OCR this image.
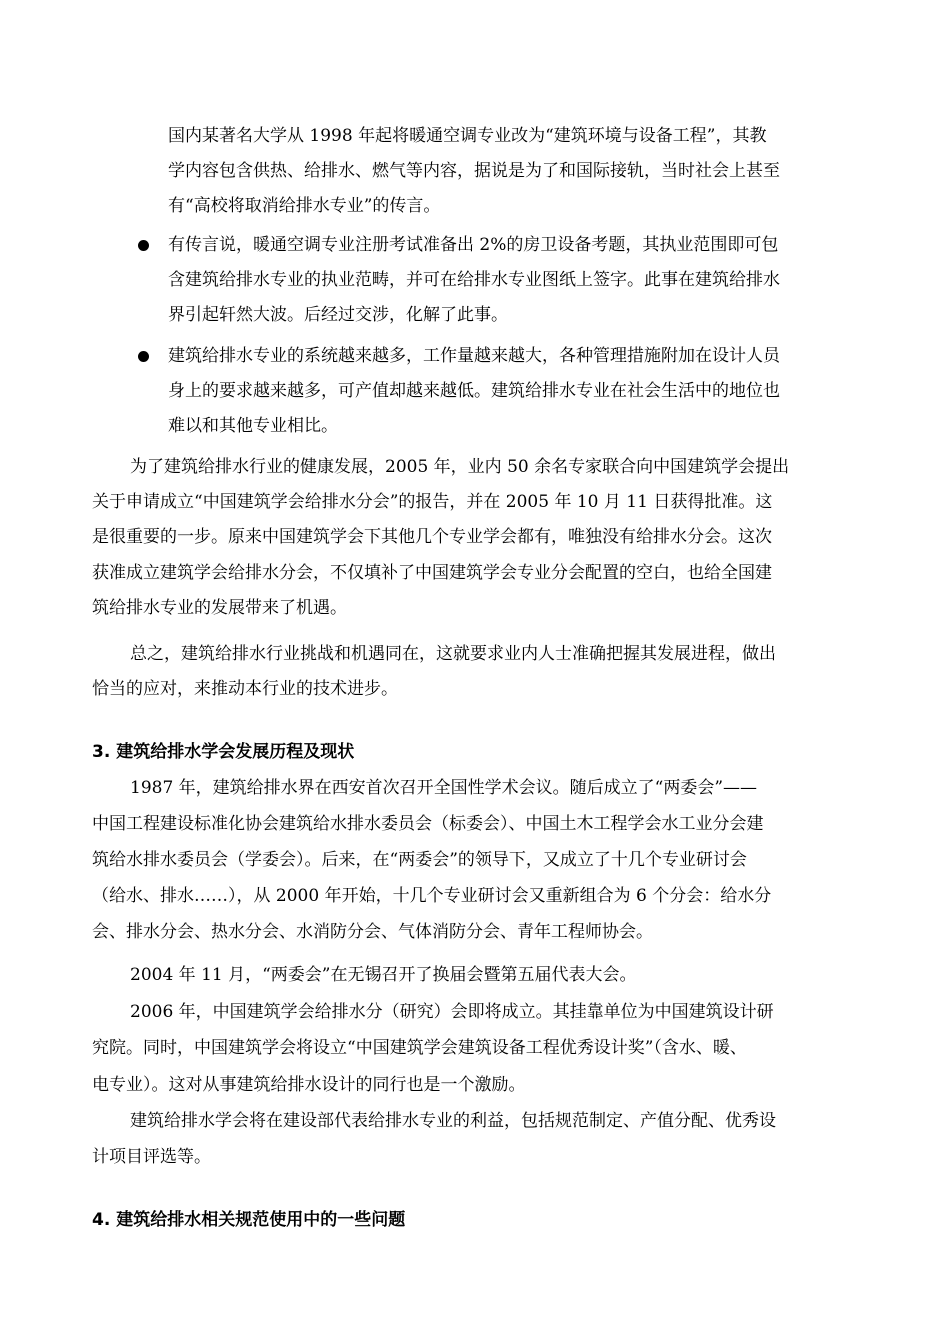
国内某著名大学从 1998 年起将暖通空调专业改为“建筑环境与设备工程”，其教
学内容包含供热、给排水、燃气等内容，据说是为了和国际接轨，当时社会上甚至
有“高校将取消给排水专业”的传言。
有传言说，暖通空调专业注册考试准备出 2%的房卫设备考题，其执业范围即可包
含建筑给排水专业的执业范畴，并可在给排水专业图纸上签字。此事在建筑给排水
界引起轩然大波。后经过交涉，化解了此事。
建筑给排水专业的系统越来越多，工作量越来越大，各种管理措施附加在设计人员
身上的要求越来越多，可产值却越来越低。建筑给排水专业在社会生活中的地位也
难以和其他专业相比。
为了建筑给排水行业的健康发展，2005 年，业内 50 余名专家联合向中国建筑学会提出
关于申请成立“中国建筑学会给排水分会”的报告，并在 2005 年 10 月 11 日获得批准。这
是很重要的一步。原来中国建筑学会下其他几个专业学会都有，唯独没有给排水分会。这次
获准成立建筑学会给排水分会，不仅填补了中国建筑学会专业分会配置的空白，也给全国建
筑给排水专业的发展带来了机遇。
总之，建筑给排水行业挑战和机遇同在，这就要求业内人士准确把握其发展进程，做出
恰当的应对，来推动本行业的技术进步。
3. 建筑给排水学会发展历程及现状
1987 年，建筑给排水界在西安首次召开全国性学术会议。随后成立了“两委会”——
中国工程建设标准化协会建筑给水排水委员会（标委会）、中国土木工程学会水工业分会建
筑给水排水委员会（学委会）。后来，在“两委会”的领导下，又成立了十几个专业研讨会
（给水、排水……），从 2000 年开始，十几个专业研讨会又重新组合为 6 个分会：给水分
会、排水分会、热水分会、水消防分会、气体消防分会、青年工程师协会。
2004 年 11 月，“两委会”在无锡召开了换届会暨第五届代表大会。
2006 年，中国建筑学会给排水分（研究）会即将成立。其挂靠单位为中国建筑设计研
究院。同时，中国建筑学会将设立“中国建筑学会建筑设备工程优秀设计奖”（含水、暖、
电专业）。这对从事建筑给排水设计的同行也是一个激励。
建筑给排水学会将在建设部代表给排水专业的利益，包括规范制定、产值分配、优秀设
计项目评选等。
4. 建筑给排水相关规范使用中的一些问题
